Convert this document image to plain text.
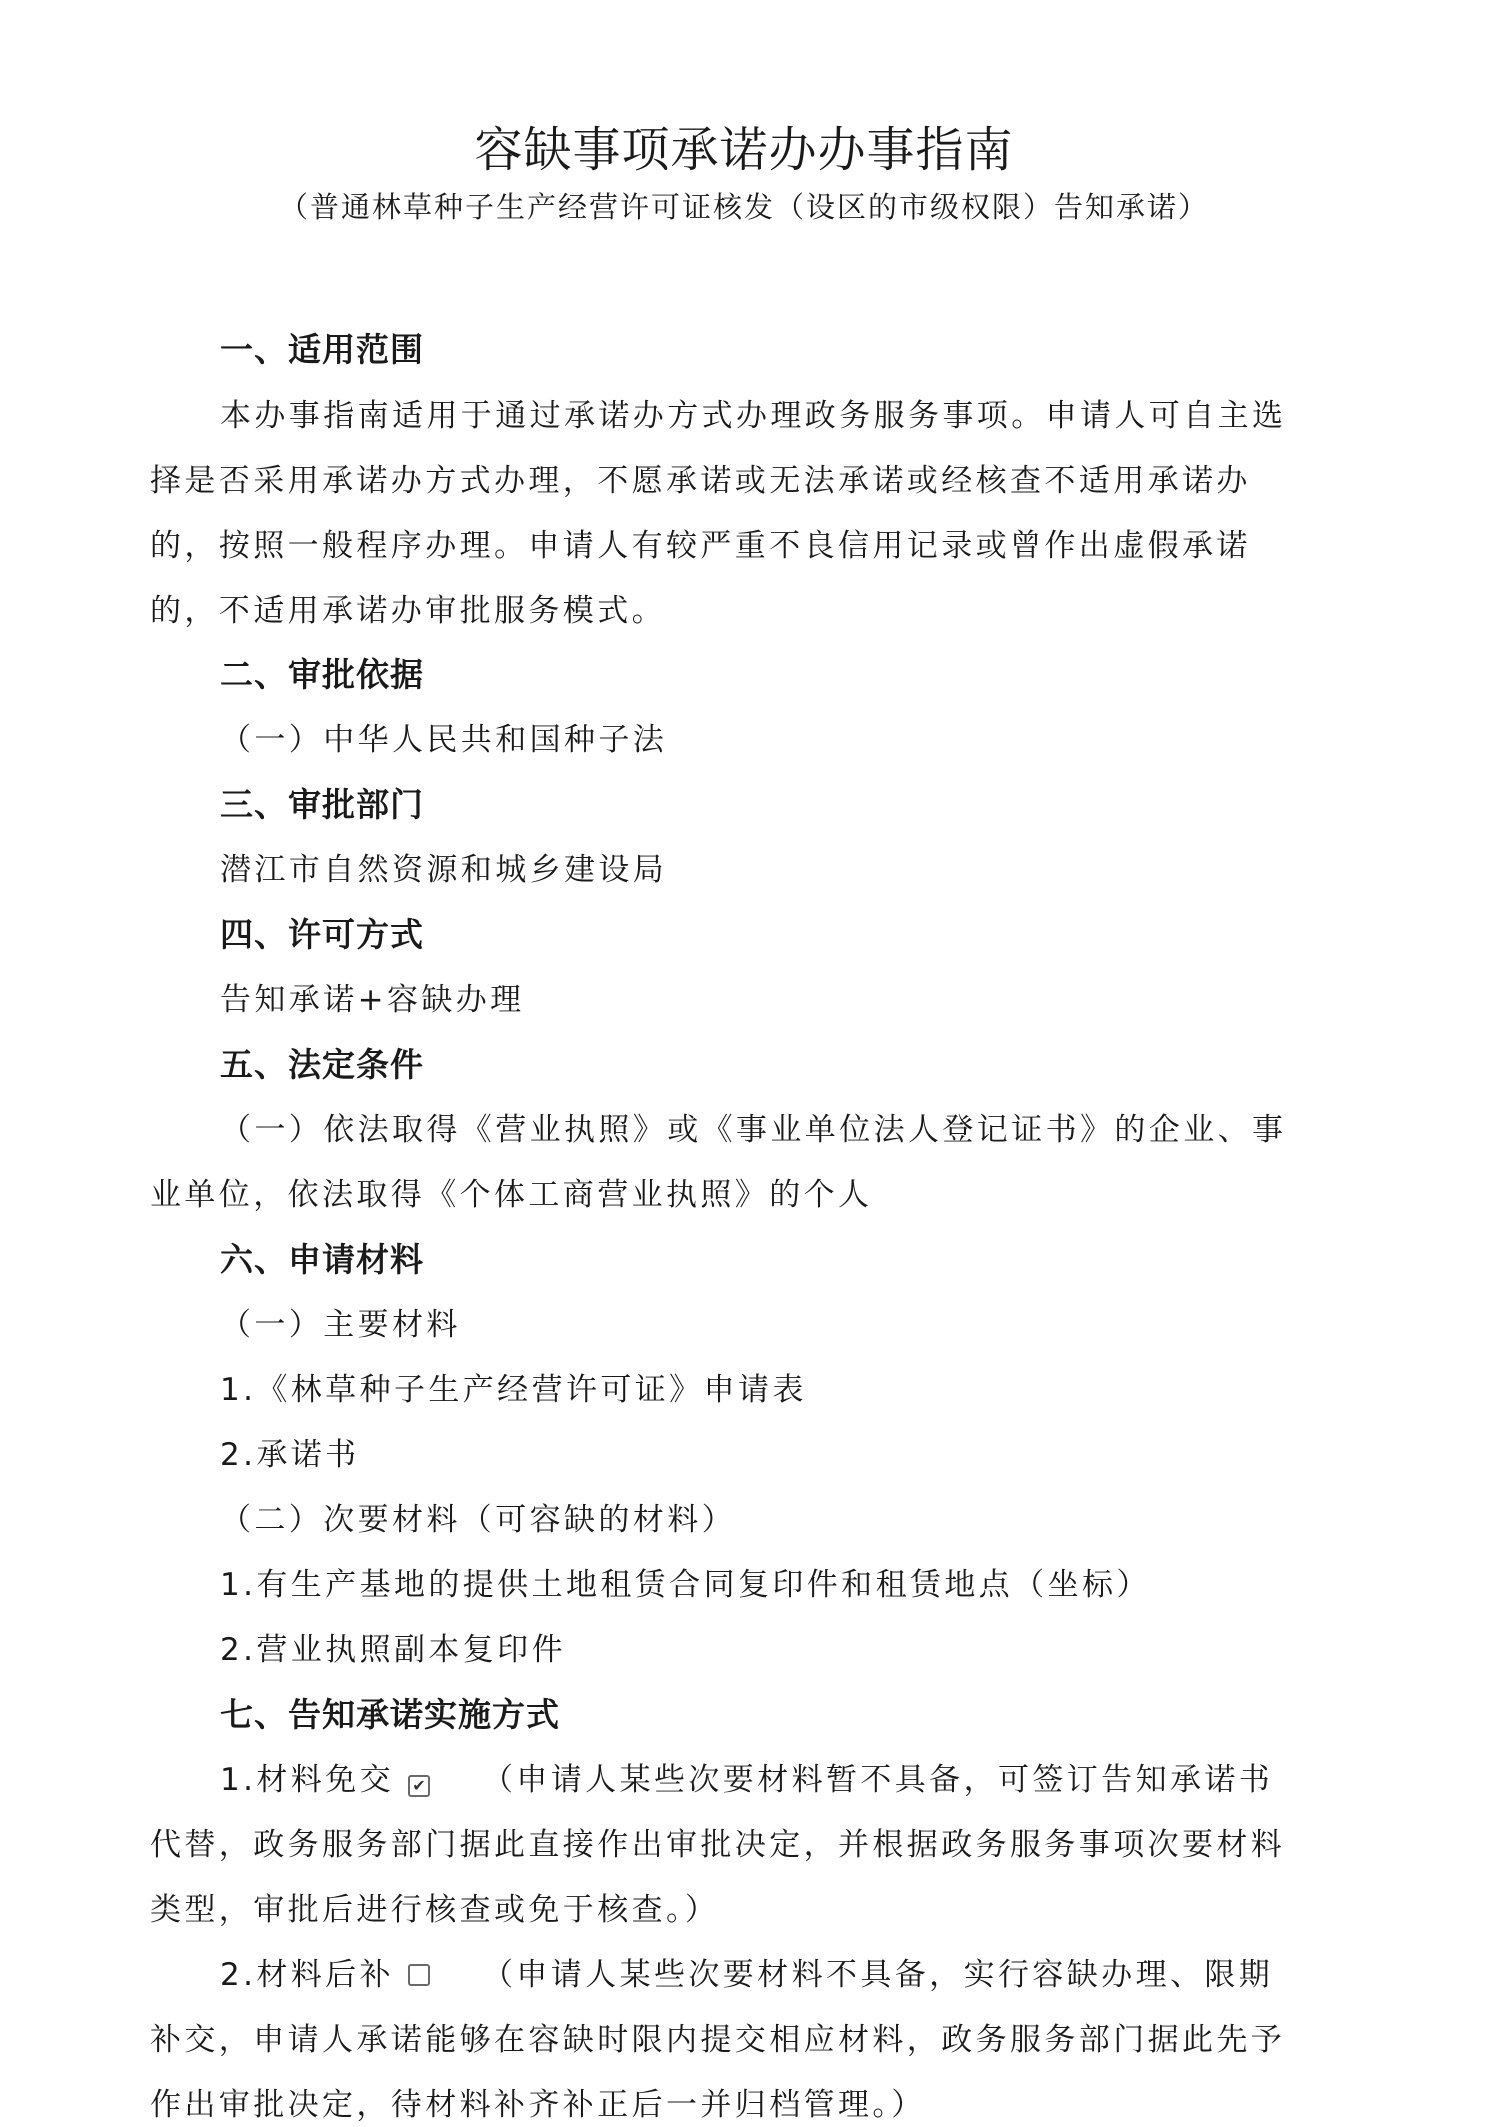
容缺事项承诺办办事指南
（普通林草种子生产经营许可证核发（设区的市级权限）告知承诺）
一、适用范围
本办事指南适用于通过承诺办方式办理政务服务事项。申请人可自主选
择是否采用承诺办方式办理，不愿承诺或无法承诺或经核查不适用承诺办
的，按照一般程序办理。申请人有较严重不良信用记录或曾作出虚假承诺
的，不适用承诺办审批服务模式。
二、审批依据
（一）中华人民共和国种子法
三、审批部门
潜江市自然资源和城乡建设局
四、许可方式
告知承诺+容缺办理
五、法定条件
（一）依法取得《营业执照》或《事业单位法人登记证书》的企业、事
业单位，依法取得《个体工商营业执照》的个人
六、申请材料
（一）主要材料
1.《林草种子生产经营许可证》申请表
2.承诺书
（二）次要材料（可容缺的材料）
1.有生产基地的提供土地租赁合同复印件和租赁地点（坐标）
2.营业执照副本复印件
七、告知承诺实施方式
1.材料免交 ✔ （申请人某些次要材料暂不具备，可签订告知承诺书
代替，政务服务部门据此直接作出审批决定，并根据政务服务事项次要材料
类型，审批后进行核查或免于核查。）
2.材料后补	（申请人某些次要材料不具备，实行容缺办理、限期
补交，申请人承诺能够在容缺时限内提交相应材料，政务服务部门据此先予
作出审批决定，待材料补齐补正后一并归档管理。）
